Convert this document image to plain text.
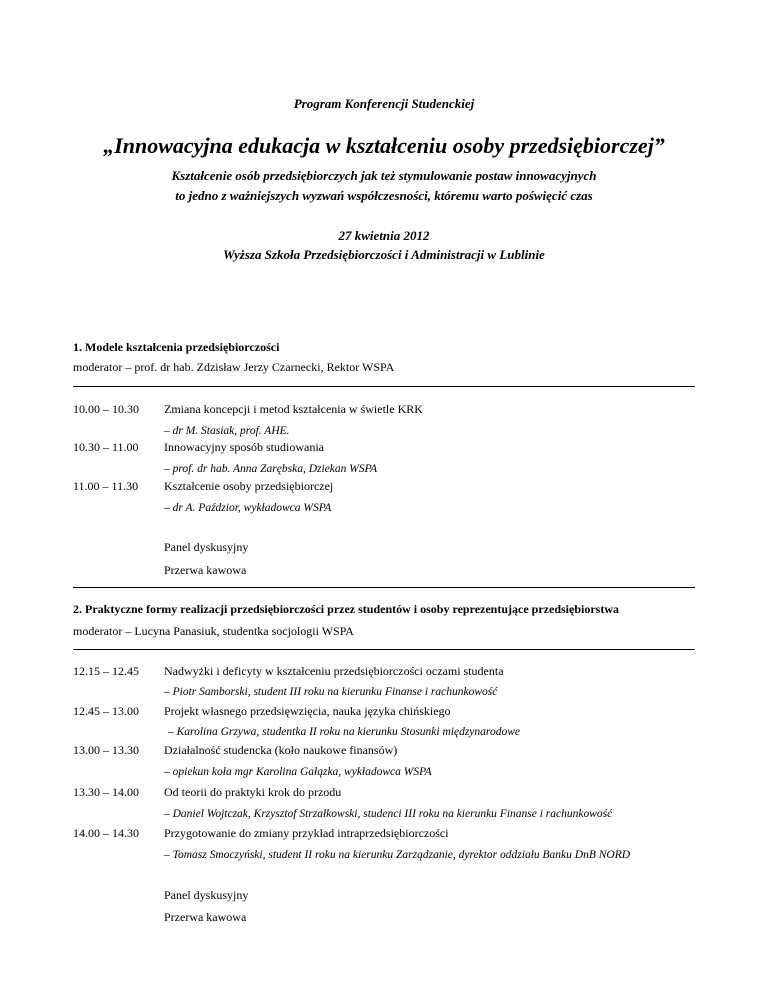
Program Konferencji Studenckiej
„Innowacyjna edukacja w kształceniu osoby przedsiębiorczej”
Kształcenie osób przedsiębiorczych jak też stymulowanie postaw innowacyjnych
to jedno z ważniejszych wyzwań współczesności, któremu warto poświęcić czas
27 kwietnia 2012
Wyższa Szkoła Przedsiębiorczości i Administracji w Lublinie
1. Modele kształcenia przedsiębiorczości
moderator – prof. dr hab. Zdzisław Jerzy Czarnecki, Rektor WSPA
10.00 – 10.30 Zmiana koncepcji i metod kształcenia w świetle KRK
– dr M. Stasiak, prof. AHE.
10.30 – 11.00 Innowacyjny sposób studiowania
– prof. dr hab. Anna Zarębska, Dziekan WSPA
11.00 – 11.30 Kształcenie osoby przedsiębiorczej
– dr A. Paździor, wykładowca WSPA
Panel dyskusyjny
Przerwa kawowa
2. Praktyczne formy realizacji przedsiębiorczości przez studentów i osoby reprezentujące przedsiębiorstwa
moderator – Lucyna Panasiuk, studentka socjologii WSPA
12.15 – 12.45 Nadwyżki i deficyty w kształceniu przedsiębiorczości oczami studenta
– Piotr Samborski, student III roku na kierunku Finanse i rachunkowość
12.45 – 13.00 Projekt własnego przedsięwzięcia, nauka języka chińskiego
– Karolina Grzywa, studentka II roku na kierunku Stosunki międzynarodowe
13.00 – 13.30 Działalność studencka (koło naukowe finansów)
– opiekun koła mgr Karolina Gałązka, wykładowca WSPA
13.30 – 14.00 Od teorii do praktyki krok do przodu
– Daniel Wojtczak, Krzysztof Strzałkowski, studenci III roku na kierunku Finanse i rachunkowość
14.00 – 14.30 Przygotowanie do zmiany przykład intraprzedsiębiorczości
– Tomasz Smoczyński, student II roku na kierunku Zarządzanie, dyrektor oddziału Banku DnB NORD
Panel dyskusyjny
Przerwa kawowa
